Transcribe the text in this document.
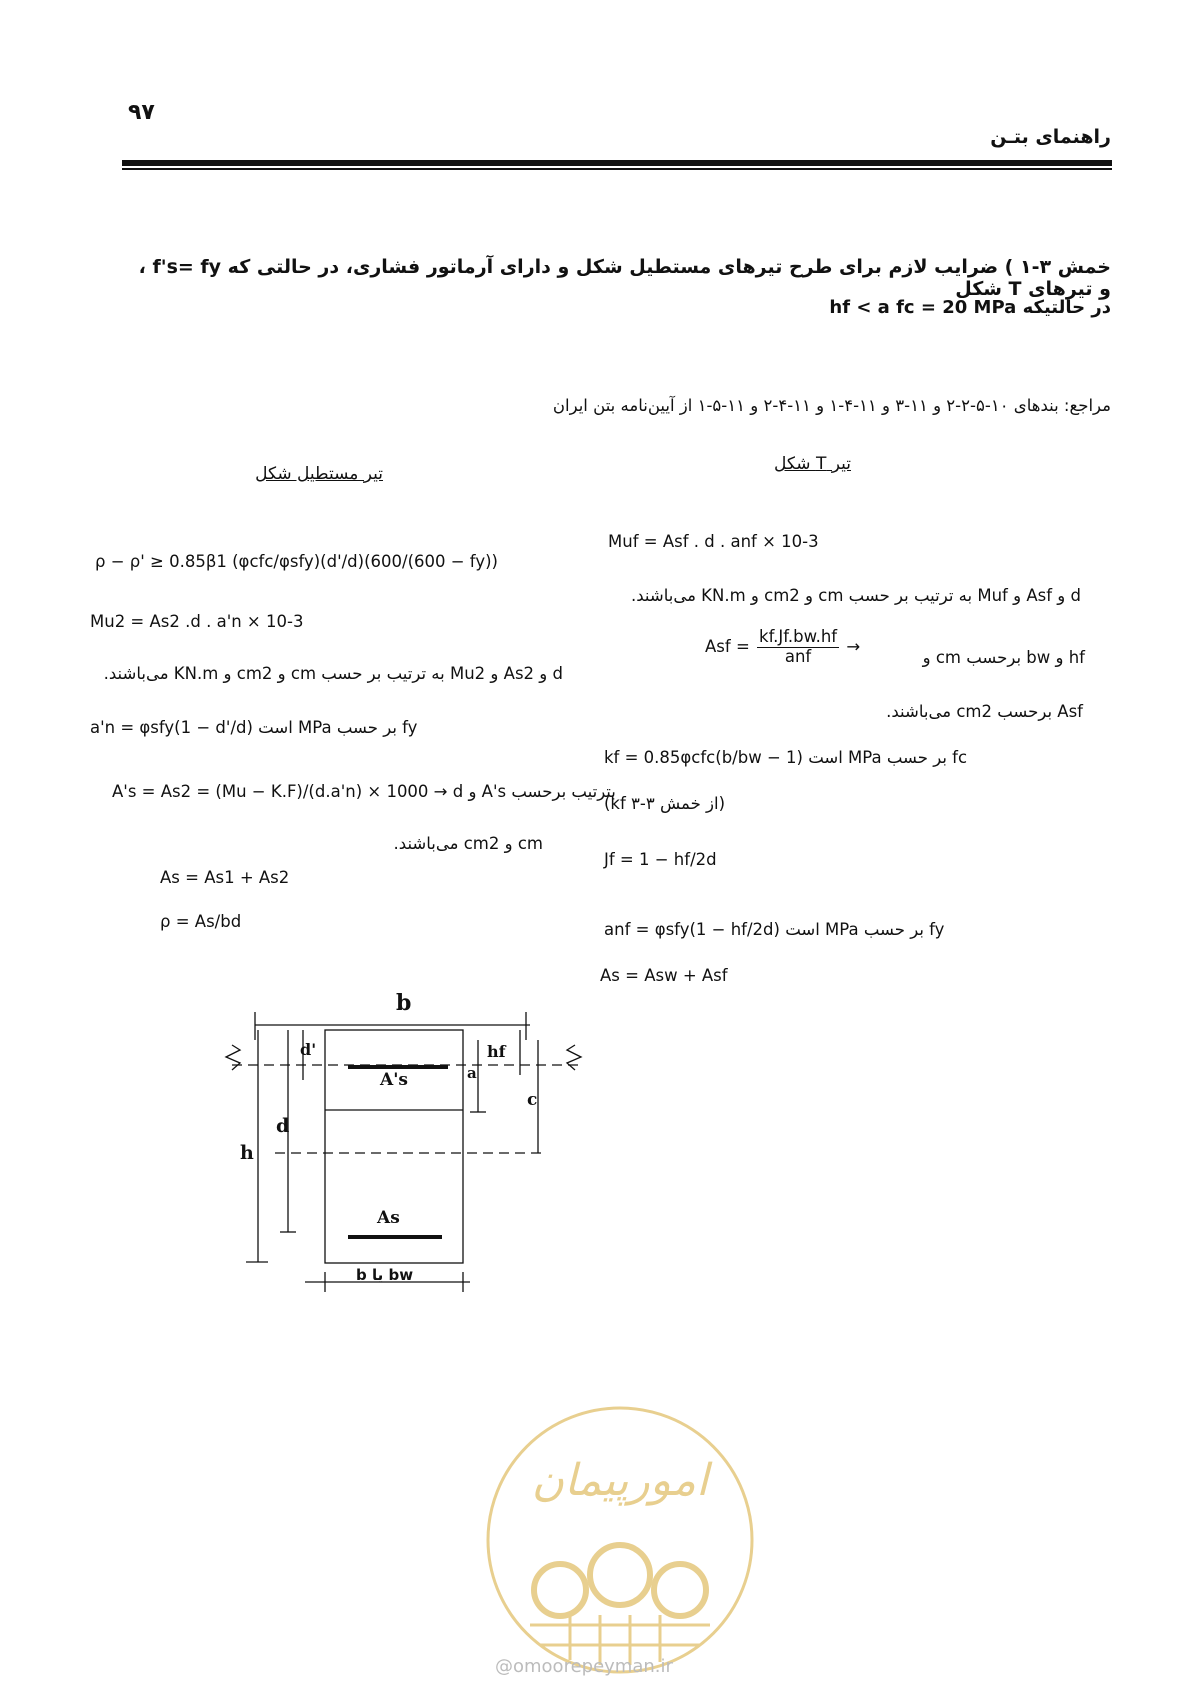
۹۷
راهنمای بتـن
خمش ۳-۱ ) ضرایب لازم برای طرح تیرهای مستطیل شکل و دارای آرماتور فشاری، در حالتی که f's= fy ، و تیرهای T شکل
در حالتیکه hf < a fc = 20 MPa
مراجع: بندهای ۱۰-۵-۲-۲ و ۱۱-۳ و ۱۱-۴-۱ و ۱۱-۴-۲ و ۱۱-۵-۱ از آیین‌نامه بتن ایران
تیر T شکل
تیر مستطیل شکل
Muf = Asf . d . anf × 10-3
d و Asf و Muf به ترتیب بر حسب cm و cm2 و KN.m می‌باشند.
Asf = $\frac{kf.Jf.bw.hf}{\text{anf}}$ →
hf و bw برحسب cm و
Asf برحسب cm2 می‌باشند.
kf = 0.85φcfc(b/bw − 1) است MPa بر حسب fc
(kf از خمش ۳-۳)
Jf = 1 − hf/2d
anf = φsfy(1 − hf/2d) است MPa بر حسب fy
As = Asw + Asf
ρ − ρ' ≥ 0.85β1 (φcfc/φsfy)(d'/d)(600/(600 − fy))
Mu2 = As2 .d . a'n × 10-3
d و As2 و Mu2 به ترتیب بر حسب cm و cm2 و KN.m می‌باشند.
a'n = φsfy(1 − d'/d) است MPa بر حسب fy
A's = As2 = (Mu − K.F)/(d.a'n) × 1000 → d و A's بترتیب برحسب
cm و cm2 می‌باشند.
As = As1 + As2
ρ = As/bd
b
d'	hf
a
c
d
h
A's
As
b یا bw
امورپیمان
@omoorepeyman.ir
